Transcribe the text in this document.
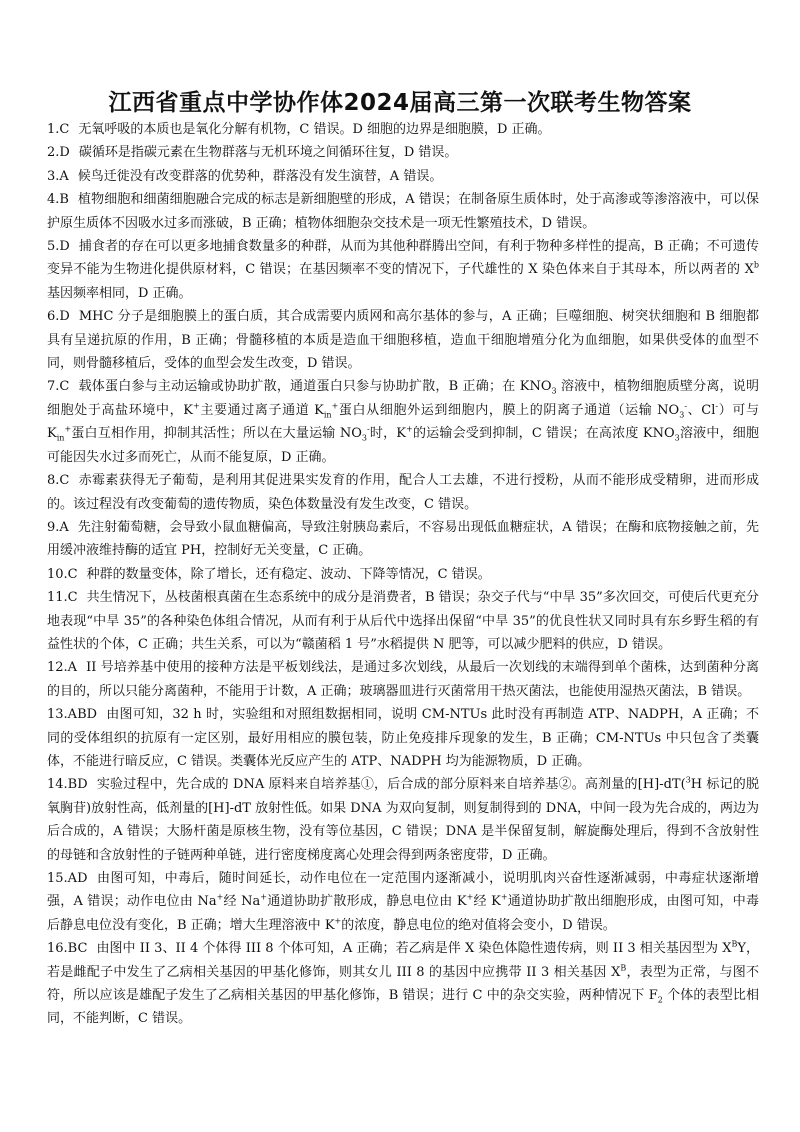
江西省重点中学协作体2024届高三第一次联考生物答案

1.C 无氧呼吸的本质也是氧化分解有机物，C 错误。D 细胞的边界是细胞膜，D 正确。

2.D 碳循环是指碳元素在生物群落与无机环境之间循环往复，D 错误。

3.A 候鸟迁徙没有改变群落的优势种，群落没有发生演替，A 错误。

4.B 植物细胞和细菌细胞融合完成的标志是新细胞壁的形成，A 错误；在制备原生质体时，处于高渗或等渗溶液中，可以保护原生质体不因吸水过多而涨破，B 正确；植物体细胞杂交技术是一项无性繁殖技术，D 错误。

5.D 捕食者的存在可以更多地捕食数量多的种群，从而为其他种群腾出空间，有利于物种多样性的提高，B 正确；不可遗传变异不能为生物进化提供原材料，C 错误；在基因频率不变的情况下，子代雄性的 X 染色体来自于其母本，所以两者的 $X^b$ 基因频率相同，D 正确。

6.D MHC 分子是细胞膜上的蛋白质，其合成需要内质网和高尔基体的参与，A 正确；巨噬细胞、树突状细胞和 B 细胞都具有呈递抗原的作用，B 正确；骨髓移植的本质是造血干细胞移植，造血干细胞增殖分化为血细胞，如果供受体的血型不同，则骨髓移植后，受体的血型会发生改变，D 错误。

7.C 载体蛋白参与主动运输或协助扩散，通道蛋白只参与协助扩散，B 正确；在 $KNO_3$ 溶液中，植物细胞质壁分离，说明细胞处于高盐环境中，K+主要通过离子通道 $K_{in}^+$蛋白从细胞外运到细胞内，膜上的阴离子通道（运输 $NO_3^-$、Cl-）可与 $K_{in}^+$蛋白互相作用，抑制其活性；所以在大量运输 $NO_3^-$时，K+的运输会受到抑制，C 错误；在高浓度 $KNO_3$溶液中，细胞可能因失水过多而死亡，从而不能复原，D 正确。

8.C 赤霉素获得无子葡萄，是利用其促进果实发育的作用，配合人工去雄，不进行授粉，从而不能形成受精卵，进而形成的。该过程没有改变葡萄的遗传物质，染色体数量没有发生改变，C 错误。

9.A 先注射葡萄糖，会导致小鼠血糖偏高，导致注射胰岛素后，不容易出现低血糖症状，A 错误；在酶和底物接触之前，先用缓冲液维持酶的适宜 PH，控制好无关变量，C 正确。

10.C 种群的数量变体，除了增长，还有稳定、波动、下降等情况，C 错误。

11.C 共生情况下，丛枝菌根真菌在生态系统中的成分是消费者，B 错误；杂交子代与“中旱 35”多次回交，可使后代更充分地表现“中旱 35”的各种染色体组合情况，从而有利于从后代中选择出保留“中旱 35”的优良性状又同时具有东乡野生稻的有益性状的个体，C 正确；共生关系，可以为“赣菌稻 1 号”水稻提供 N 肥等，可以减少肥料的供应，D 错误。

12.A II 号培养基中使用的接种方法是平板划线法，是通过多次划线，从最后一次划线的末端得到单个菌株，达到菌种分离的目的，所以只能分离菌种，不能用于计数，A 正确；玻璃器皿进行灭菌常用干热灭菌法，也能使用湿热灭菌法，B 错误。

13.ABD 由图可知，32 h 时，实验组和对照组数据相同，说明 CM-NTUs 此时没有再制造 ATP、NADPH，A 正确；不同的受体组织的抗原有一定区别，最好用相应的膜包装，防止免疫排斥现象的发生，B 正确；CM-NTUs 中只包含了类囊体，不能进行暗反应，C 错误。类囊体光反应产生的 ATP、NADPH 均为能源物质，D 正确。

14.BD 实验过程中，先合成的 DNA 原料来自培养基①，后合成的部分原料来自培养基②。高剂量的[H]-dT($^3$H 标记的脱氧胸苷)放射性高，低剂量的[H]-dT 放射性低。如果 DNA 为双向复制，则复制得到的 DNA，中间一段为先合成的，两边为后合成的，A 错误；大肠杆菌是原核生物，没有等位基因，C 错误；DNA 是半保留复制，解旋酶处理后，得到不含放射性的母链和含放射性的子链两种单链，进行密度梯度离心处理会得到两条密度带，D 正确。

15.AD 由图可知，中毒后，随时间延长，动作电位在一定范围内逐渐减小，说明肌肉兴奋性逐渐减弱，中毒症状逐渐增强，A 错误；动作电位由 Na+经 Na+通道协助扩散形成，静息电位由 K+经 K+通道协助扩散出细胞形成，由图可知，中毒后静息电位没有变化，B 正确；增大生理溶液中 K+的浓度，静息电位的绝对值将会变小，D 错误。

16.BC 由图中 II 3、II 4 个体得 III 8 个体可知，A 正确；若乙病是伴 X 染色体隐性遗传病，则 II 3 相关基因型为 $X^BY$，若是雌配子中发生了乙病相关基因的甲基化修饰，则其女儿 III 8 的基因中应携带 II 3 相关基因 $X^B$，表型为正常，与图不符，所以应该是雄配子发生了乙病相关基因的甲基化修饰，B 错误；进行 C 中的杂交实验，两种情况下 $F_2$ 个体的表型比相同，不能判断，C 错误。
